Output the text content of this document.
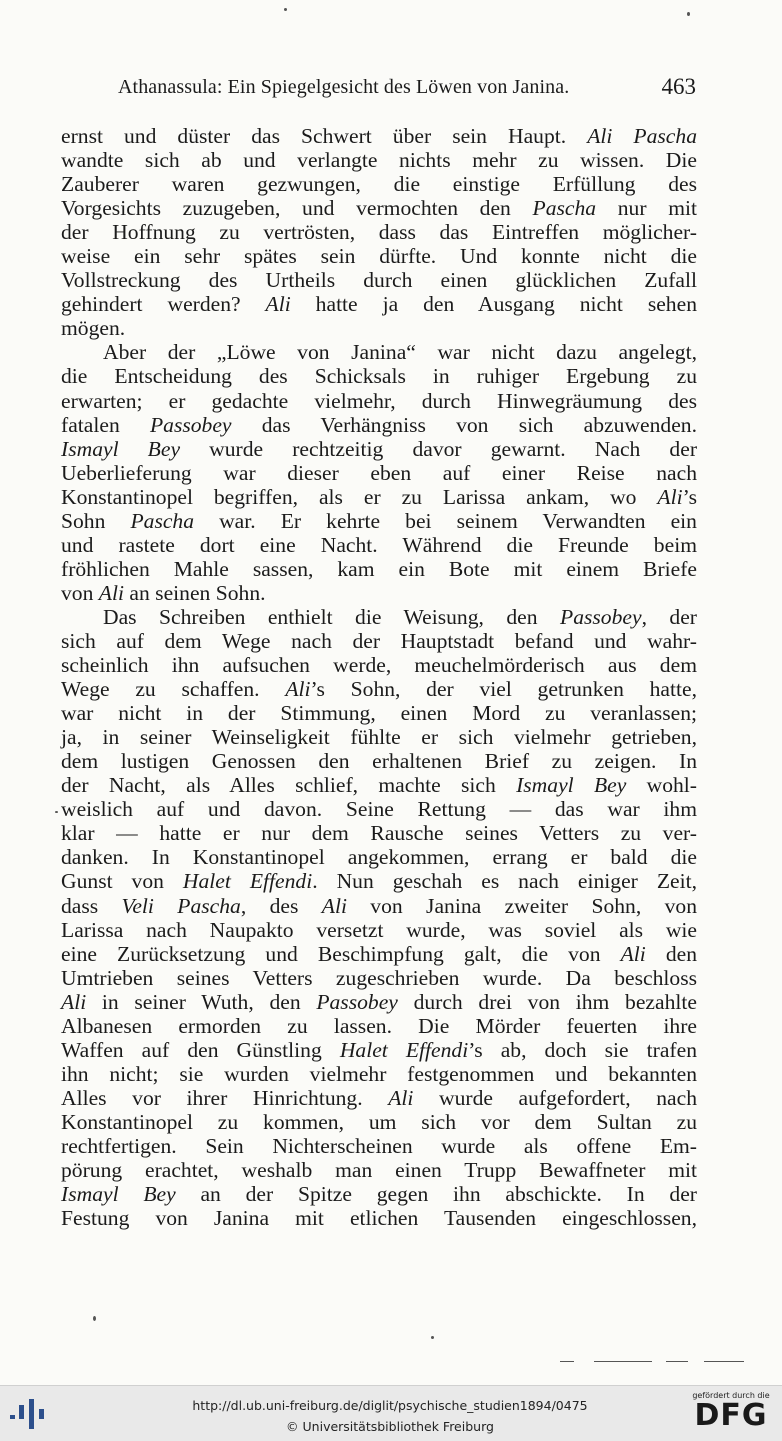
Athanassula: Ein Spiegelgesicht des Löwen von Janina.	463
ernst und düster das Schwert über sein Haupt. Ali Pascha
wandte sich ab und verlangte nichts mehr zu wissen. Die
Zauberer waren gezwungen, die einstige Erfüllung des
Vorgesichts zuzugeben, und vermochten den Pascha nur mit
der Hoffnung zu vertrösten, dass das Eintreffen möglicher-
weise ein sehr spätes sein dürfte. Und konnte nicht die
Vollstreckung des Urtheils durch einen glücklichen Zufall
gehindert werden? Ali hatte ja den Ausgang nicht sehen
mögen.
Aber der „Löwe von Janina“ war nicht dazu angelegt,
die Entscheidung des Schicksals in ruhiger Ergebung zu
erwarten; er gedachte vielmehr, durch Hinwegräumung des
fatalen Passobey das Verhängniss von sich abzuwenden.
Ismayl Bey wurde rechtzeitig davor gewarnt. Nach der
Ueberlieferung war dieser eben auf einer Reise nach
Konstantinopel begriffen, als er zu Larissa ankam, wo Ali’s
Sohn Pascha war. Er kehrte bei seinem Verwandten ein
und rastete dort eine Nacht. Während die Freunde beim
fröhlichen Mahle sassen, kam ein Bote mit einem Briefe
von Ali an seinen Sohn.
Das Schreiben enthielt die Weisung, den Passobey, der
sich auf dem Wege nach der Hauptstadt befand und wahr-
scheinlich ihn aufsuchen werde, meuchelmörderisch aus dem
Wege zu schaffen. Ali’s Sohn, der viel getrunken hatte,
war nicht in der Stimmung, einen Mord zu veranlassen;
ja, in seiner Weinseligkeit fühlte er sich vielmehr getrieben,
dem lustigen Genossen den erhaltenen Brief zu zeigen. In
der Nacht, als Alles schlief, machte sich Ismayl Bey wohl-
weislich auf und davon. Seine Rettung — das war ihm
klar — hatte er nur dem Rausche seines Vetters zu ver-
danken. In Konstantinopel angekommen, errang er bald die
Gunst von Halet Effendi. Nun geschah es nach einiger Zeit,
dass Veli Pascha, des Ali von Janina zweiter Sohn, von
Larissa nach Naupakto versetzt wurde, was soviel als wie
eine Zurücksetzung und Beschimpfung galt, die von Ali den
Umtrieben seines Vetters zugeschrieben wurde. Da beschloss
Ali in seiner Wuth, den Passobey durch drei von ihm bezahlte
Albanesen ermorden zu lassen. Die Mörder feuerten ihre
Waffen auf den Günstling Halet Effendi’s ab, doch sie trafen
ihn nicht; sie wurden vielmehr festgenommen und bekannten
Alles vor ihrer Hinrichtung. Ali wurde aufgefordert, nach
Konstantinopel zu kommen, um sich vor dem Sultan zu
rechtfertigen. Sein Nichterscheinen wurde als offene Em-
pörung erachtet, weshalb man einen Trupp Bewaffneter mit
Ismayl Bey an der Spitze gegen ihn abschickte. In der
Festung von Janina mit etlichen Tausenden eingeschlossen,
http://dl.ub.uni-freiburg.de/diglit/psychische_studien1894/0475
© Universitätsbibliothek Freiburg
gefördert durch die
DFG
